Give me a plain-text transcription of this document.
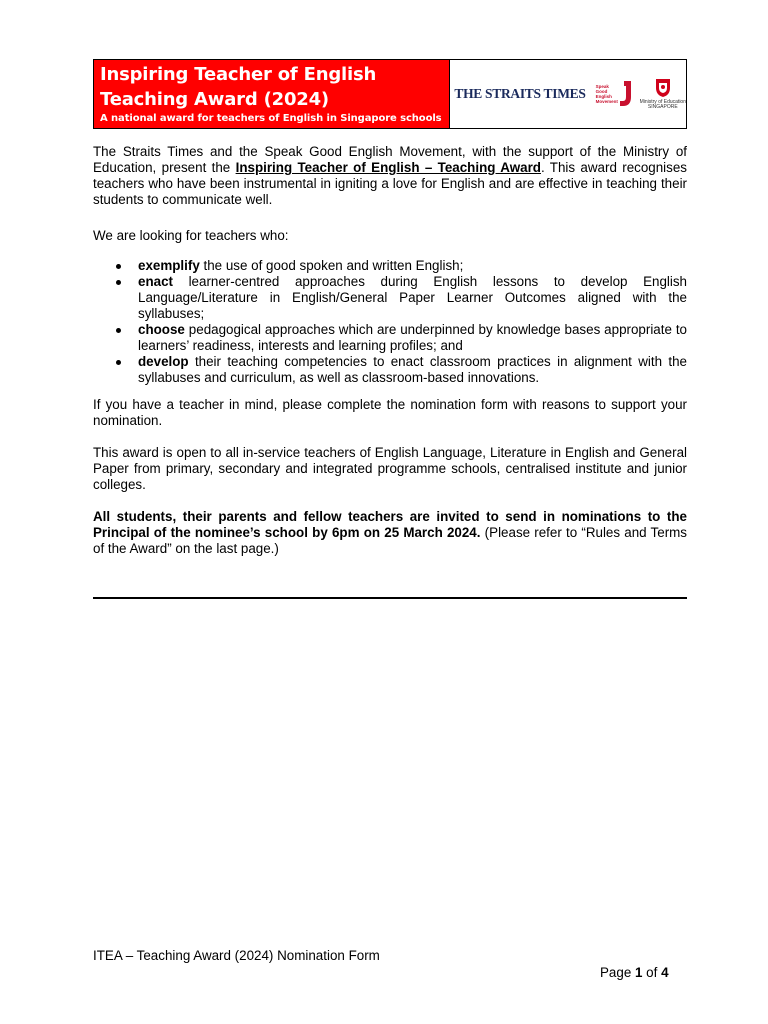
Inspiring Teacher of English
Teaching Award (2024)
A national award for teachers of English in Singapore schools
THE STRAITS TIMES Speak
Good
English
Movement	Ministry of Education
SINGAPORE
The Straits Times and the Speak Good English Movement, with the support of the Ministry of Education, present the Inspiring Teacher of English – Teaching Award. This award recognises teachers who have been instrumental in igniting a love for English and are effective in teaching their students to communicate well.
We are looking for teachers who:
exemplify the use of good spoken and written English;
enact learner-centred approaches during English lessons to develop English Language/Literature in English/General Paper Learner Outcomes aligned with the syllabuses;
choose pedagogical approaches which are underpinned by knowledge bases appropriate to learners’ readiness, interests and learning profiles; and
develop their teaching competencies to enact classroom practices in alignment with the syllabuses and curriculum, as well as classroom-based innovations.
If you have a teacher in mind, please complete the nomination form with reasons to support your nomination.
This award is open to all in-service teachers of English Language, Literature in English and General Paper from primary, secondary and integrated programme schools, centralised institute and junior colleges.
All students, their parents and fellow teachers are invited to send in nominations to the Principal of the nominee’s school by 6pm on 25 March 2024. (Please refer to “Rules and Terms of the Award” on the last page.)
ITEA – Teaching Award (2024) Nomination Form
Page 1 of 4
